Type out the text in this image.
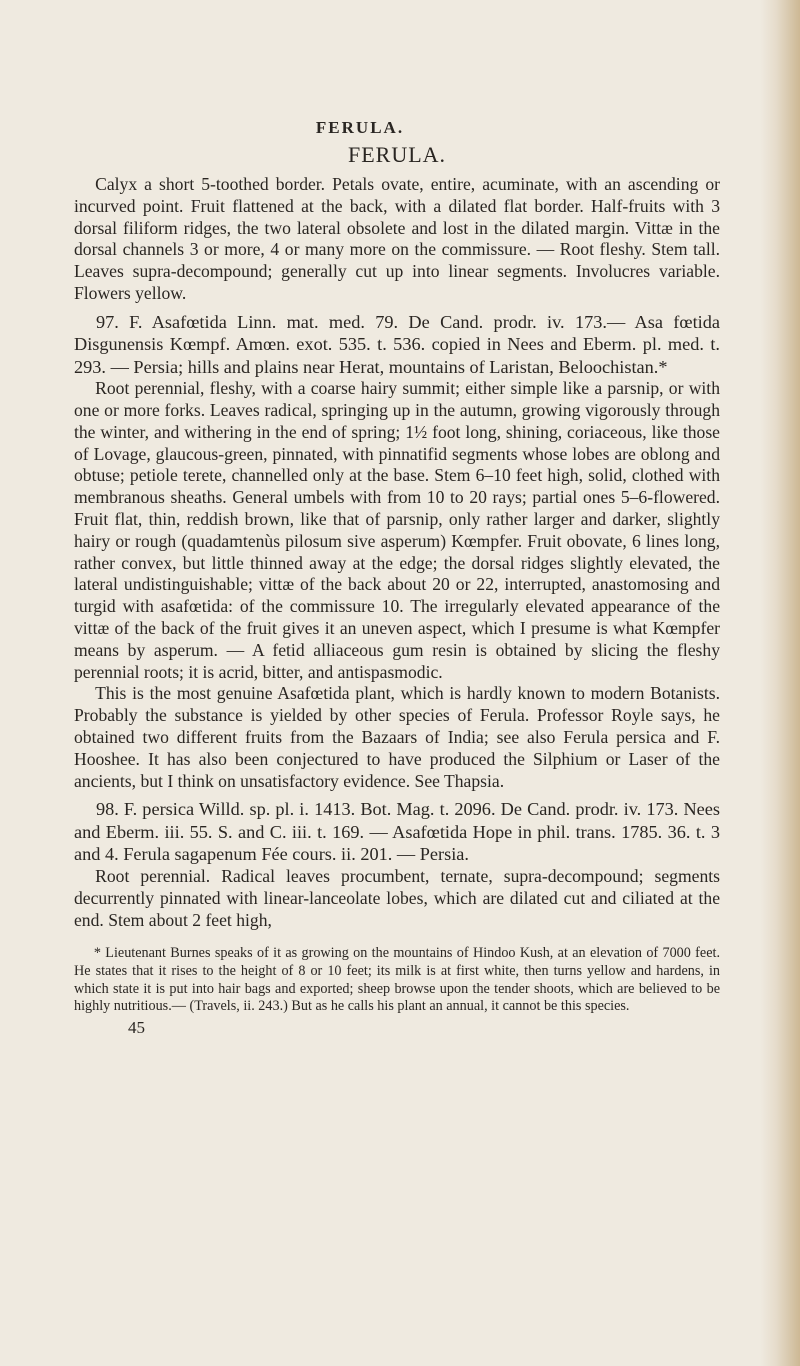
FERULA.
FERULA.

Calyx a short 5-toothed border. Petals ovate, entire, acuminate, with an ascending or incurved point. Fruit flattened at the back, with a dilated flat border. Half-fruits with 3 dorsal filiform ridges, the two lateral obsolete and lost in the dilated margin. Vittæ in the dorsal channels 3 or more, 4 or many more on the commissure. — Root fleshy. Stem tall. Leaves supra-decompound; generally cut up into linear segments. Involucres variable. Flowers yellow.

97. F. Asafœtida Linn. mat. med. 79. De Cand. prodr. iv. 173.— Asa fœtida Disgunensis Kœmpf. Amœn. exot. 535. t. 536. copied in Nees and Eberm. pl. med. t. 293. — Persia; hills and plains near Herat, mountains of Laristan, Beloochistan.*

Root perennial, fleshy, with a coarse hairy summit; either simple like a parsnip, or with one or more forks. Leaves radical, springing up in the autumn, growing vigorously through the winter, and withering in the end of spring; 1½ foot long, shining, coriaceous, like those of Lovage, glaucous-green, pinnated, with pinnatifid segments whose lobes are oblong and obtuse; petiole terete, channelled only at the base. Stem 6–10 feet high, solid, clothed with membranous sheaths. General umbels with from 10 to 20 rays; partial ones 5–6-flowered. Fruit flat, thin, reddish brown, like that of parsnip, only rather larger and darker, slightly hairy or rough (quadamtenùs pilosum sive asperum) Kœmpfer. Fruit obovate, 6 lines long, rather convex, but little thinned away at the edge; the dorsal ridges slightly elevated, the lateral undistinguishable; vittæ of the back about 20 or 22, interrupted, anastomosing and turgid with asafœtida: of the commissure 10. The irregularly elevated appearance of the vittæ of the back of the fruit gives it an uneven aspect, which I presume is what Kœmpfer means by asperum. — A fetid alliaceous gum resin is obtained by slicing the fleshy perennial roots; it is acrid, bitter, and antispasmodic.

This is the most genuine Asafœtida plant, which is hardly known to modern Botanists. Probably the substance is yielded by other species of Ferula. Professor Royle says, he obtained two different fruits from the Bazaars of India; see also Ferula persica and F. Hooshee. It has also been conjectured to have produced the Silphium or Laser of the ancients, but I think on unsatisfactory evidence. See Thapsia.

98. F. persica Willd. sp. pl. i. 1413. Bot. Mag. t. 2096. De Cand. prodr. iv. 173. Nees and Eberm. iii. 55. S. and C. iii. t. 169. — Asafœtida Hope in phil. trans. 1785. 36. t. 3 and 4. Ferula sagapenum Fée cours. ii. 201. — Persia.

Root perennial. Radical leaves procumbent, ternate, supra-decompound; segments decurrently pinnated with linear-lanceolate lobes, which are dilated cut and ciliated at the end. Stem about 2 feet high,

* Lieutenant Burnes speaks of it as growing on the mountains of Hindoo Kush, at an elevation of 7000 feet. He states that it rises to the height of 8 or 10 feet; its milk is at first white, then turns yellow and hardens, in which state it is put into hair bags and exported; sheep browse upon the tender shoots, which are believed to be highly nutritious.— (Travels, ii. 243.) But as he calls his plant an annual, it cannot be this species.
45
